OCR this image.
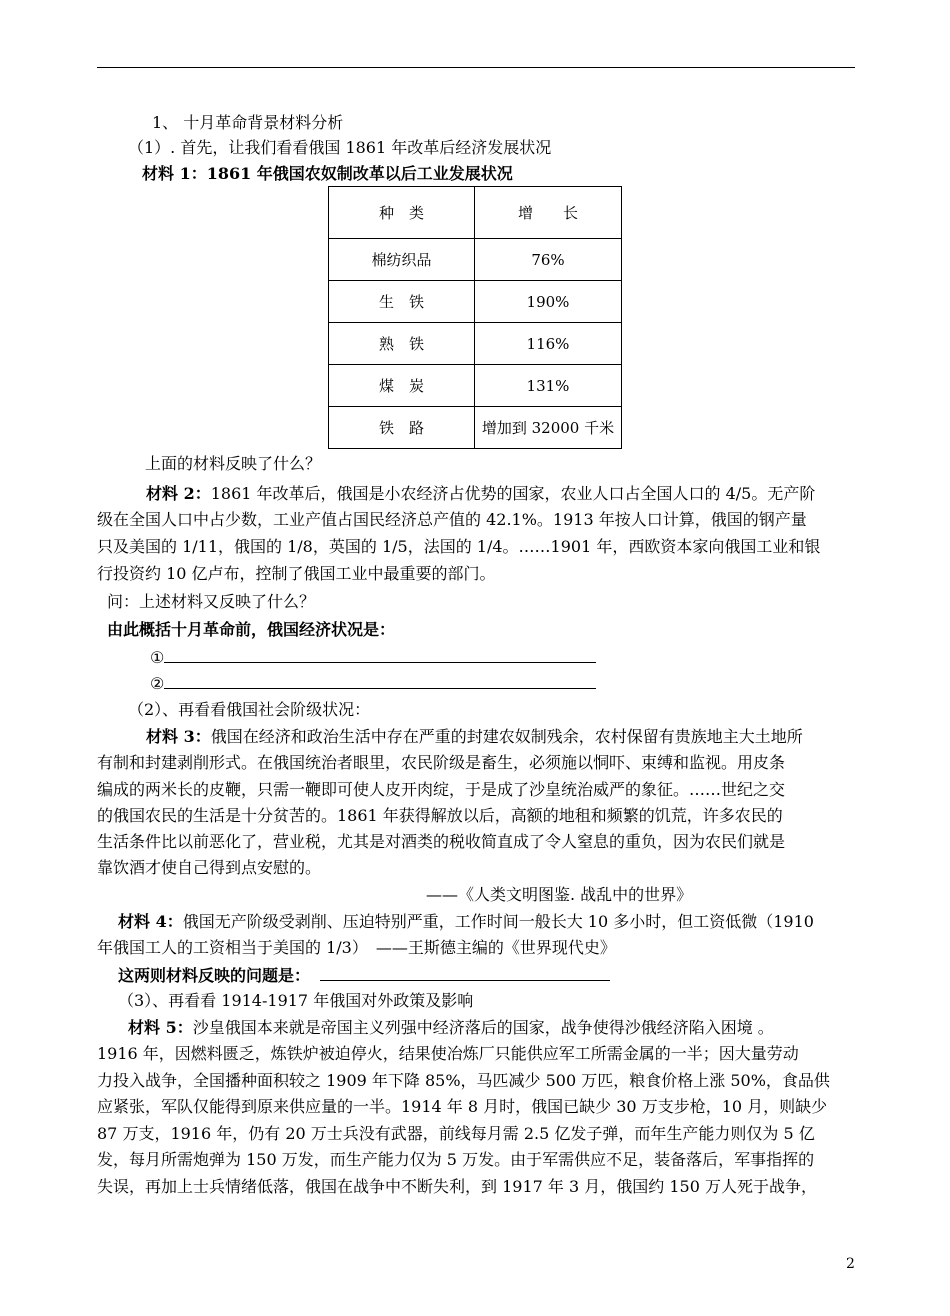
1、 十月革命背景材料分析
（1）. 首先，让我们看看俄国 1861 年改革后经济发展状况
材料 1：1861 年俄国农奴制改革以后工业发展状况
种　类	增　　长
棉纺织品	76%
生　铁	190%
熟　铁	116%
煤　炭	131%
铁　路	增加到 32000 千米
上面的材料反映了什么？
材料 2：1861 年改革后，俄国是小农经济占优势的国家，农业人口占全国人口的 4/5。无产阶
级在全国人口中占少数，工业产值占国民经济总产值的 42.1%。1913 年按人口计算，俄国的钢产量
只及美国的 1/11，俄国的 1/8，英国的 1/5，法国的 1/4。……1901 年，西欧资本家向俄国工业和银
行投资约 10 亿卢布，控制了俄国工业中最重要的部门。
问：上述材料又反映了什么？
由此概括十月革命前，俄国经济状况是：
①
②
（2）、再看看俄国社会阶级状况：
材料 3：俄国在经济和政治生活中存在严重的封建农奴制残余，农村保留有贵族地主大土地所
有制和封建剥削形式。在俄国统治者眼里，农民阶级是畜生，必须施以恫吓、束缚和监视。用皮条
编成的两米长的皮鞭，只需一鞭即可使人皮开肉绽，于是成了沙皇统治威严的象征。……世纪之交
的俄国农民的生活是十分贫苦的。1861 年获得解放以后，高额的地租和频繁的饥荒，许多农民的
生活条件比以前恶化了，营业税，尤其是对酒类的税收简直成了令人窒息的重负，因为农民们就是
靠饮酒才使自己得到点安慰的。
——《人类文明图鉴. 战乱中的世界》
材料 4：俄国无产阶级受剥削、压迫特别严重，工作时间一般长大 10 多小时，但工资低微（1910
年俄国工人的工资相当于美国的 1/3）　——王斯德主编的《世界现代史》
这两则材料反映的问题是：
（3）、再看看 1914-1917 年俄国对外政策及影响
材料 5：沙皇俄国本来就是帝国主义列强中经济落后的国家，战争使得沙俄经济陷入困境 。
1916 年，因燃料匮乏，炼铁炉被迫停火，结果使冶炼厂只能供应军工所需金属的一半；因大量劳动
力投入战争，全国播种面积较之 1909 年下降 85%，马匹减少 500 万匹，粮食价格上涨 50%，食品供
应紧张，军队仅能得到原来供应量的一半。1914 年 8 月时，俄国已缺少 30 万支步枪，10 月，则缺少
87 万支，1916 年，仍有 20 万士兵没有武器，前线每月需 2.5 亿发子弹，而年生产能力则仅为 5 亿
发，每月所需炮弹为 150 万发，而生产能力仅为 5 万发。由于军需供应不足，装备落后，军事指挥的
失误，再加上士兵情绪低落，俄国在战争中不断失利，到 1917 年 3 月，俄国约 150 万人死于战争，
2
